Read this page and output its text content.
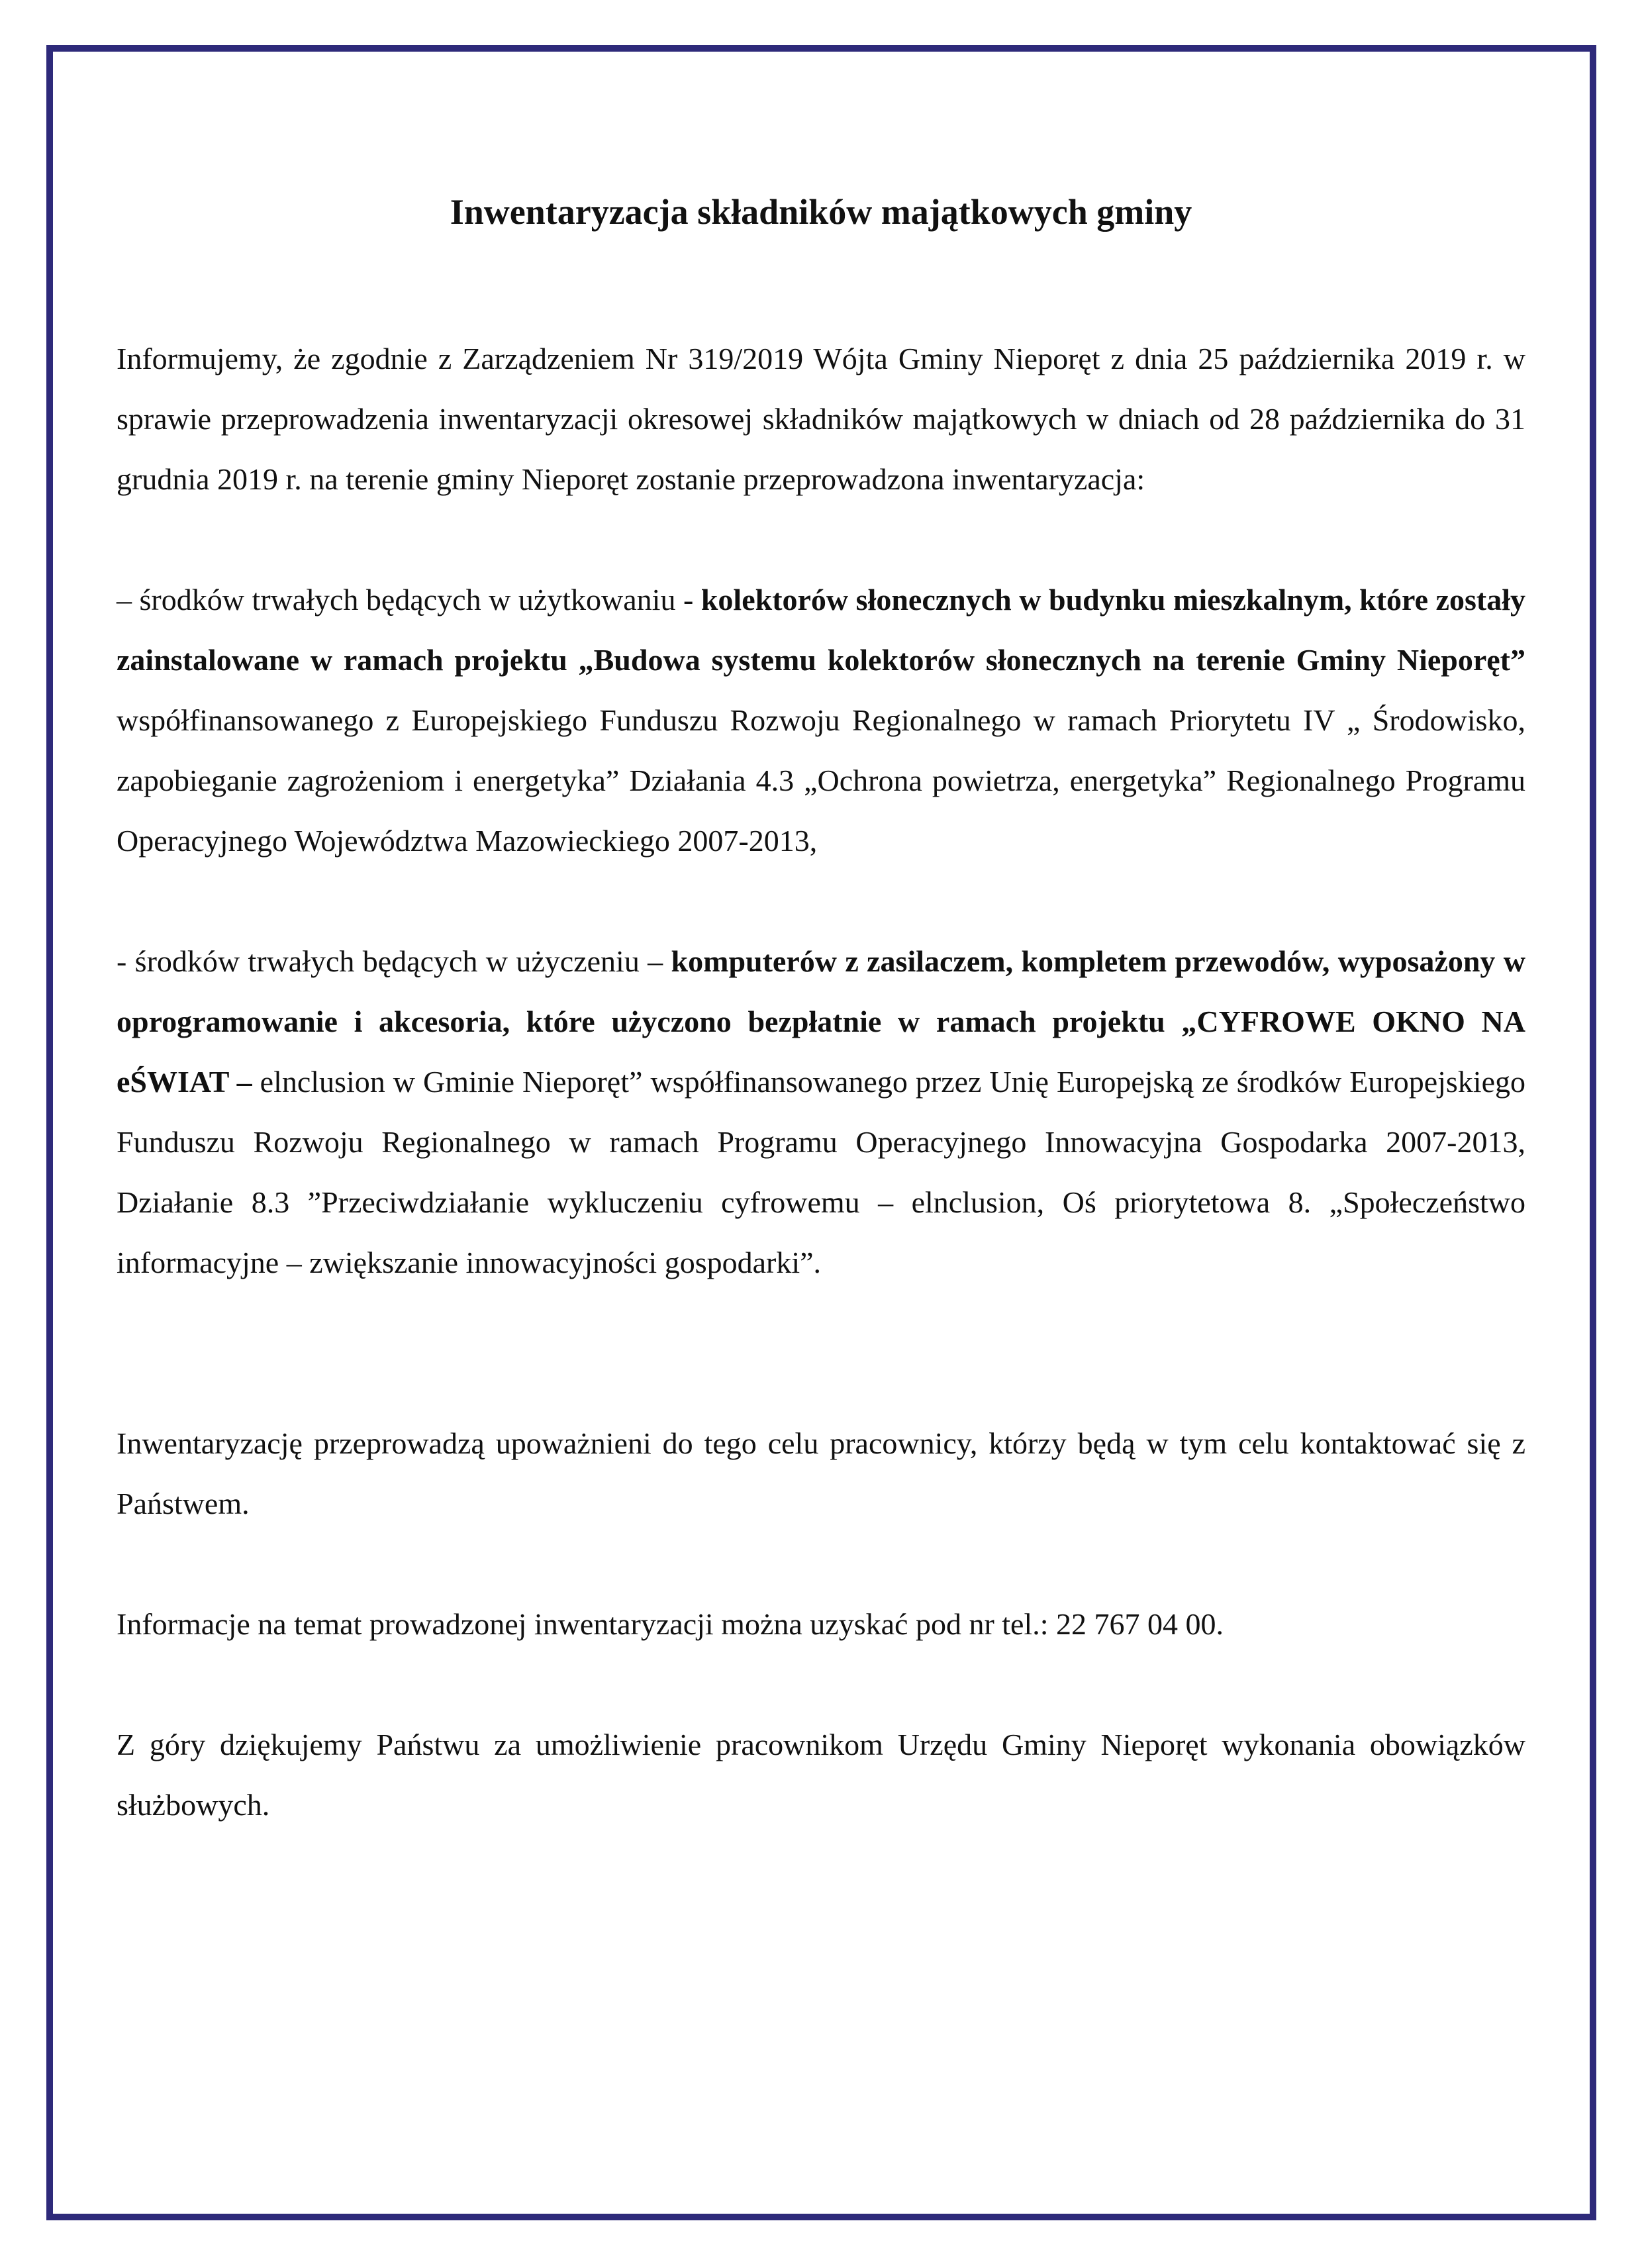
Inwentaryzacja składników majątkowych gminy

Informujemy, że zgodnie z Zarządzeniem Nr 319/2019 Wójta Gminy Nieporęt z dnia 25 października 2019 r. w sprawie przeprowadzenia inwentaryzacji okresowej składników majątkowych w dniach od 28 października do 31 grudnia 2019 r. na terenie gminy Nieporęt zostanie przeprowadzona inwentaryzacja:

– środków trwałych będących w użytkowaniu - kolektorów słonecznych w budynku mieszkalnym, które zostały zainstalowane w ramach projektu „Budowa systemu kolektorów słonecznych na terenie Gminy Nieporęt” współfinansowanego z Europejskiego Funduszu Rozwoju Regionalnego w ramach Priorytetu IV „ Środowisko, zapobieganie zagrożeniom i energetyka” Działania 4.3 „Ochrona powietrza, energetyka” Regionalnego Programu Operacyjnego Województwa Mazowieckiego 2007-2013,

- środków trwałych będących w użyczeniu – komputerów z zasilaczem, kompletem przewodów, wyposażony w oprogramowanie i akcesoria, które użyczono bezpłatnie w ramach projektu „CYFROWE OKNO NA eŚWIAT – elnclusion w Gminie Nieporęt” współfinansowanego przez Unię Europejską ze środków Europejskiego Funduszu Rozwoju Regionalnego w ramach Programu Operacyjnego Innowacyjna Gospodarka 2007-2013, Działanie 8.3 ”Przeciwdziałanie wykluczeniu cyfrowemu – elnclusion, Oś priorytetowa 8. „Społeczeństwo informacyjne – zwiększanie innowacyjności gospodarki”.

Inwentaryzację przeprowadzą upoważnieni do tego celu pracownicy, którzy będą w tym celu kontaktować się z Państwem.

Informacje na temat prowadzonej inwentaryzacji można uzyskać pod nr tel.: 22 767 04 00.

Z góry dziękujemy Państwu za umożliwienie pracownikom Urzędu Gminy Nieporęt wykonania obowiązków służbowych.
